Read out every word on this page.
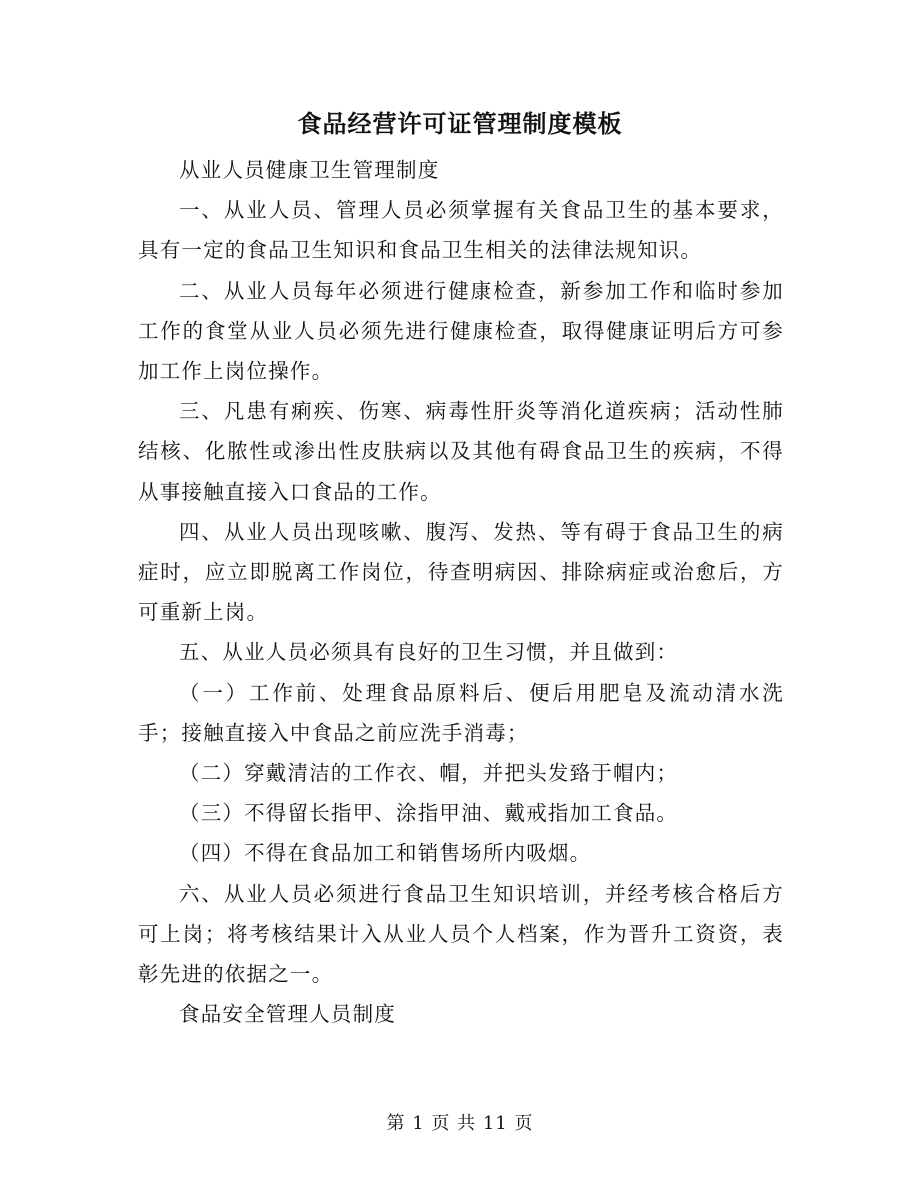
食品经营许可证管理制度模板

从业人员健康卫生管理制度

一、从业人员、管理人员必须掌握有关食品卫生的基本要求，具有一定的食品卫生知识和食品卫生相关的法律法规知识。

二、从业人员每年必须进行健康检查，新参加工作和临时参加工作的食堂从业人员必须先进行健康检查，取得健康证明后方可参加工作上岗位操作。

三、凡患有痢疾、伤寒、病毒性肝炎等消化道疾病；活动性肺结核、化脓性或渗出性皮肤病以及其他有碍食品卫生的疾病，不得从事接触直接入口食品的工作。

四、从业人员出现咳嗽、腹泻、发热、等有碍于食品卫生的病症时，应立即脱离工作岗位，待查明病因、排除病症或治愈后，方可重新上岗。

五、从业人员必须具有良好的卫生习惯，并且做到：

（一）工作前、处理食品原料后、便后用肥皂及流动清水洗手；接触直接入中食品之前应洗手消毒；

（二）穿戴清洁的工作衣、帽，并把头发臵于帽内；

（三）不得留长指甲、涂指甲油、戴戒指加工食品。

（四）不得在食品加工和销售场所内吸烟。

六、从业人员必须进行食品卫生知识培训，并经考核合格后方可上岗；将考核结果计入从业人员个人档案，作为晋升工资资，表彰先进的依据之一。

食品安全管理人员制度

第 1 页 共 11 页
